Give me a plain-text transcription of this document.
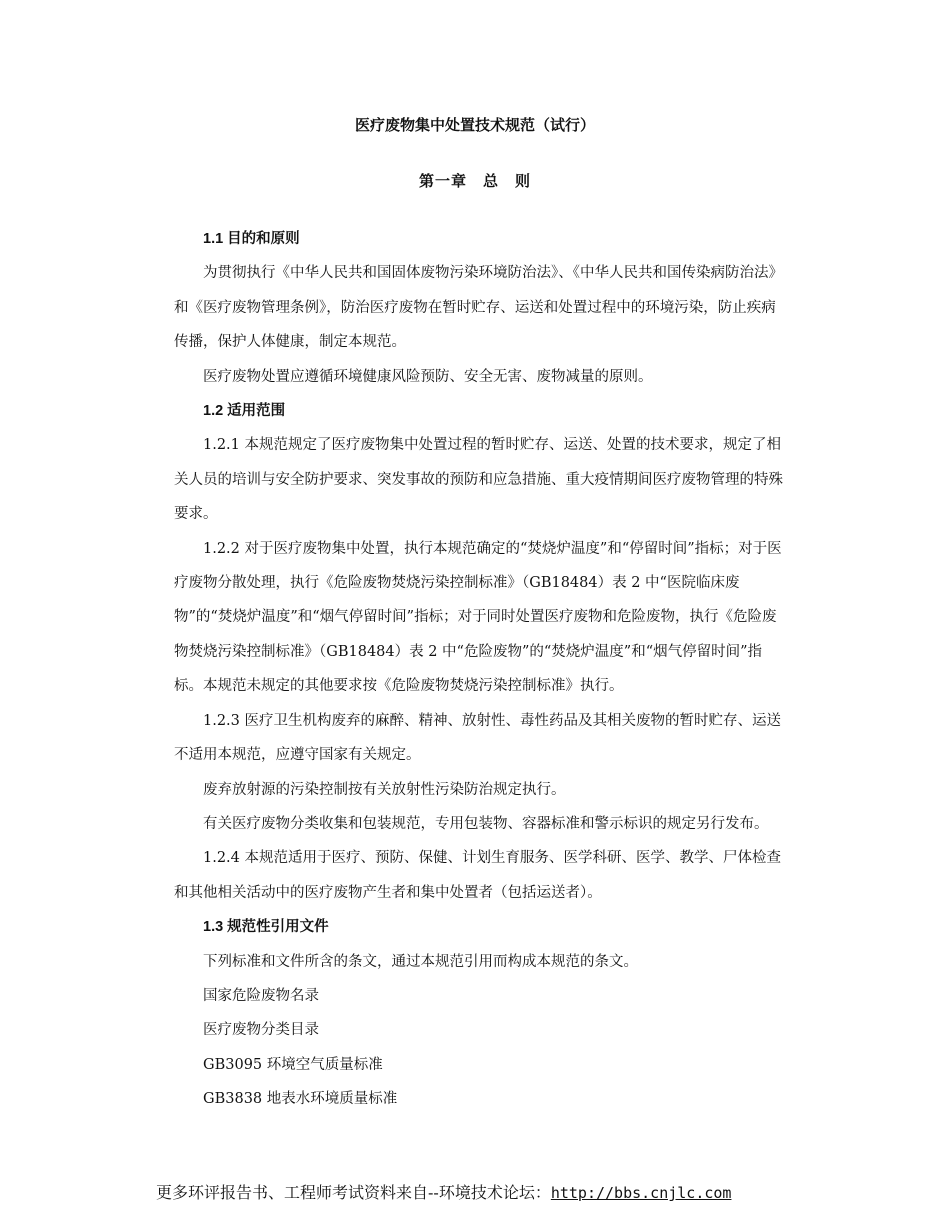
医疗废物集中处置技术规范（试行）
第一章　总　则

1.1 目的和原则

为贯彻执行《中华人民共和国固体废物污染环境防治法》、《中华人民共和国传染病防治法》和《医疗废物管理条例》，防治医疗废物在暂时贮存、运送和处置过程中的环境污染，防止疾病传播，保护人体健康，制定本规范。

医疗废物处置应遵循环境健康风险预防、安全无害、废物减量的原则。

1.2 适用范围

1.2.1 本规范规定了医疗废物集中处置过程的暂时贮存、运送、处置的技术要求，规定了相关人员的培训与安全防护要求、突发事故的预防和应急措施、重大疫情期间医疗废物管理的特殊要求。

1.2.2 对于医疗废物集中处置，执行本规范确定的“焚烧炉温度”和“停留时间”指标；对于医疗废物分散处理，执行《危险废物焚烧污染控制标准》（GB18484）表 2 中“医院临床废物”的“焚烧炉温度”和“烟气停留时间”指标；对于同时处置医疗废物和危险废物，执行《危险废物焚烧污染控制标准》（GB18484）表 2 中“危险废物”的“焚烧炉温度”和“烟气停留时间”指标。本规范未规定的其他要求按《危险废物焚烧污染控制标准》执行。

1.2.3 医疗卫生机构废弃的麻醉、精神、放射性、毒性药品及其相关废物的暂时贮存、运送不适用本规范，应遵守国家有关规定。

废弃放射源的污染控制按有关放射性污染防治规定执行。

有关医疗废物分类收集和包装规范，专用包装物、容器标准和警示标识的规定另行发布。

1.2.4 本规范适用于医疗、预防、保健、计划生育服务、医学科研、医学、教学、尸体检查和其他相关活动中的医疗废物产生者和集中处置者（包括运送者）。

1.3 规范性引用文件

下列标准和文件所含的条文，通过本规范引用而构成本规范的条文。

国家危险废物名录

医疗废物分类目录

GB3095 环境空气质量标准

GB3838 地表水环境质量标准

更多环评报告书、工程师考试资料来自--环境技术论坛：http://bbs.cnjlc.com
